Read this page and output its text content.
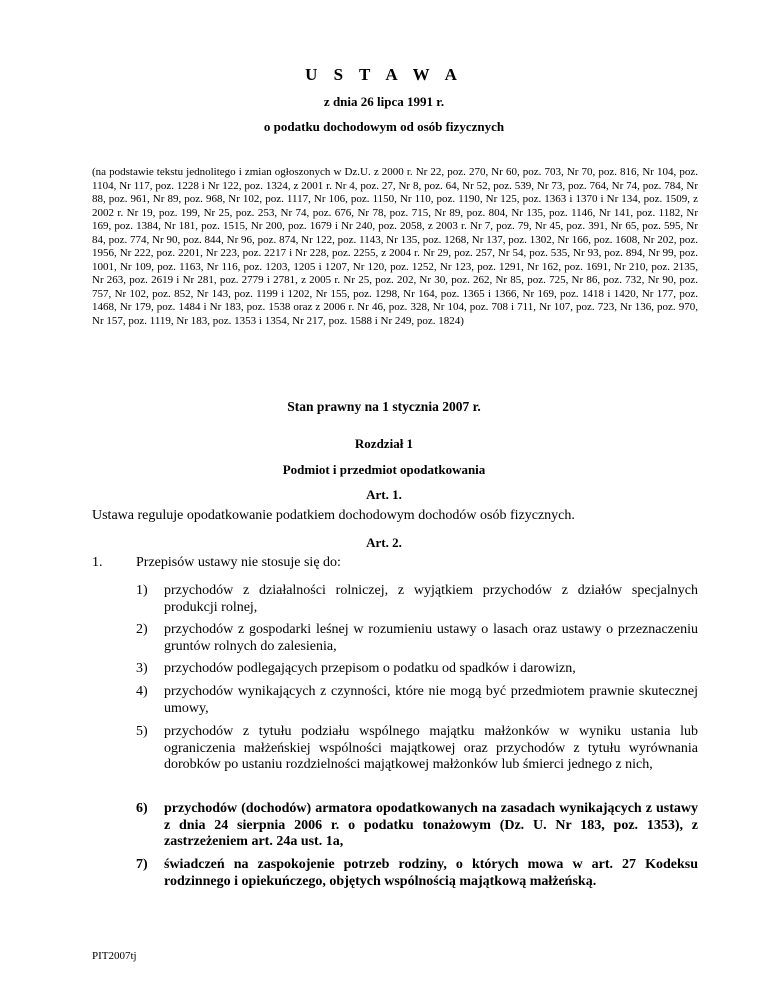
U S T A W A
z dnia 26 lipca 1991 r.
o podatku dochodowym od osób fizycznych
(na podstawie tekstu jednolitego i zmian ogłoszonych w Dz.U. z 2000 r. Nr 22, poz. 270, Nr 60, poz. 703, Nr 70, poz. 816, Nr 104, poz. 1104, Nr 117, poz. 1228 i Nr 122, poz. 1324, z 2001 r. Nr 4, poz. 27, Nr 8, poz. 64, Nr 52, poz. 539, Nr 73, poz. 764, Nr 74, poz. 784, Nr 88, poz. 961, Nr 89, poz. 968, Nr 102, poz. 1117, Nr 106, poz. 1150, Nr 110, poz. 1190, Nr 125, poz. 1363 i 1370 i Nr 134, poz. 1509, z 2002 r. Nr 19, poz. 199, Nr 25, poz. 253, Nr 74, poz. 676, Nr 78, poz. 715, Nr 89, poz. 804, Nr 135, poz. 1146, Nr 141, poz. 1182, Nr 169, poz. 1384, Nr 181, poz. 1515, Nr 200, poz. 1679 i Nr 240, poz. 2058, z 2003 r. Nr 7, poz. 79, Nr 45, poz. 391, Nr 65, poz. 595, Nr 84, poz. 774, Nr 90, poz. 844, Nr 96, poz. 874, Nr 122, poz. 1143, Nr 135, poz. 1268, Nr 137, poz. 1302, Nr 166, poz. 1608, Nr 202, poz. 1956, Nr 222, poz. 2201, Nr 223, poz. 2217 i Nr 228, poz. 2255, z 2004 r. Nr 29, poz. 257, Nr 54, poz. 535, Nr 93, poz. 894, Nr 99, poz. 1001, Nr 109, poz. 1163, Nr 116, poz. 1203, 1205 i 1207, Nr 120, poz. 1252, Nr 123, poz. 1291, Nr 162, poz. 1691, Nr 210, poz. 2135, Nr 263, poz. 2619 i Nr 281, poz. 2779 i 2781, z 2005 r. Nr 25, poz. 202, Nr 30, poz. 262, Nr 85, poz. 725, Nr 86, poz. 732, Nr 90, poz. 757, Nr 102, poz. 852, Nr 143, poz. 1199 i 1202, Nr 155, poz. 1298, Nr 164, poz. 1365 i 1366, Nr 169, poz. 1418 i 1420, Nr 177, poz. 1468, Nr 179, poz. 1484 i Nr 183, poz. 1538 oraz z 2006 r. Nr 46, poz. 328, Nr 104, poz. 708 i 711, Nr 107, poz. 723, Nr 136, poz. 970, Nr 157, poz. 1119, Nr 183, poz. 1353 i 1354, Nr 217, poz. 1588 i Nr 249, poz. 1824)
Stan prawny na 1 stycznia 2007 r.
Rozdział 1
Podmiot i przedmiot opodatkowania
Art. 1.
Ustawa reguluje opodatkowanie podatkiem dochodowym dochodów osób fizycznych.
Art. 2.
1. Przepisów ustawy nie stosuje się do:
1)	przychodów z działalności rolniczej, z wyjątkiem przychodów z działów specjalnych produkcji rolnej,
2)	przychodów z gospodarki leśnej w rozumieniu ustawy o lasach oraz ustawy o przeznaczeniu gruntów rolnych do zalesienia,
3)	przychodów podlegających przepisom o podatku od spadków i darowizn,
4)	przychodów wynikających z czynności, które nie mogą być przedmiotem prawnie skutecznej umowy,
5)	przychodów z tytułu podziału wspólnego majątku małżonków w wyniku ustania lub ograniczenia małżeńskiej wspólności majątkowej oraz przychodów z tytułu wyrównania dorobków po ustaniu rozdzielności majątkowej małżonków lub śmierci jednego z nich,
6)	przychodów (dochodów) armatora opodatkowanych na zasadach wynikających z ustawy z dnia 24 sierpnia 2006 r. o podatku tonażowym (Dz. U. Nr 183, poz. 1353), z zastrzeżeniem art. 24a ust. 1a,
7)	świadczeń na zaspokojenie potrzeb rodziny, o których mowa w art. 27 Kodeksu rodzinnego i opiekuńczego, objętych wspólnością majątkową małżeńską.
PIT2007tj
